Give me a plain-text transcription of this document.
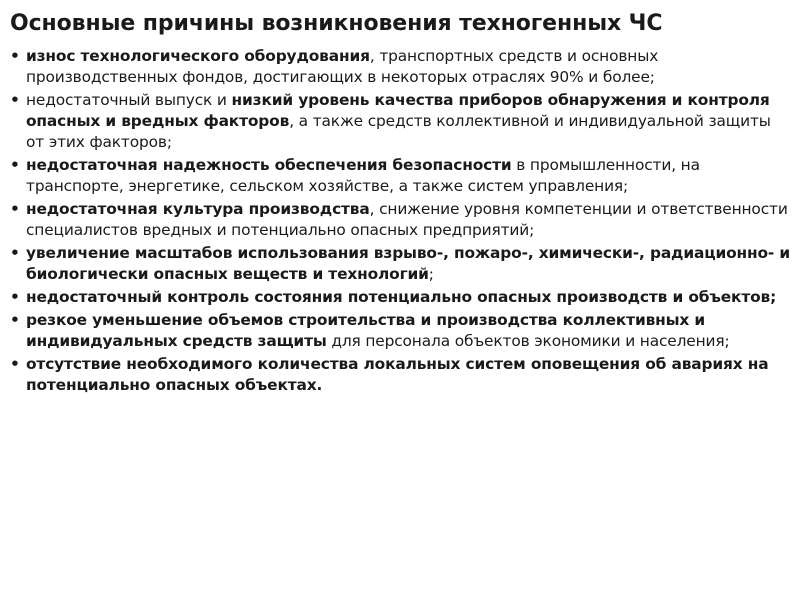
Основные причины возникновения техногенных ЧС
• износ технологического оборудования, транспортных средств и основных производственных фондов, достигающих в некоторых отраслях 90% и более;
• недостаточный выпуск и низкий уровень качества приборов обнаружения и контроля опасных и вредных факторов, а также средств коллективной и индивидуальной защиты от этих факторов;
• недостаточная надежность обеспечения безопасности в промышленности, на транспорте, энергетике, сельском хозяйстве, а также систем управления;
• недостаточная культура производства, снижение уровня компетенции и ответственности специалистов вредных и потенциально опасных предприятий;
• увеличение масштабов использования взрыво-, пожаро-, химически-, радиационно- и биологически опасных веществ и технологий;
• недостаточный контроль состояния потенциально опасных производств и объектов;
• резкое уменьшение объемов строительства и производства коллективных и индивидуальных средств защиты для персонала объектов экономики и населения;
• отсутствие необходимого количества локальных систем оповещения об авариях на потенциально опасных объектах.
